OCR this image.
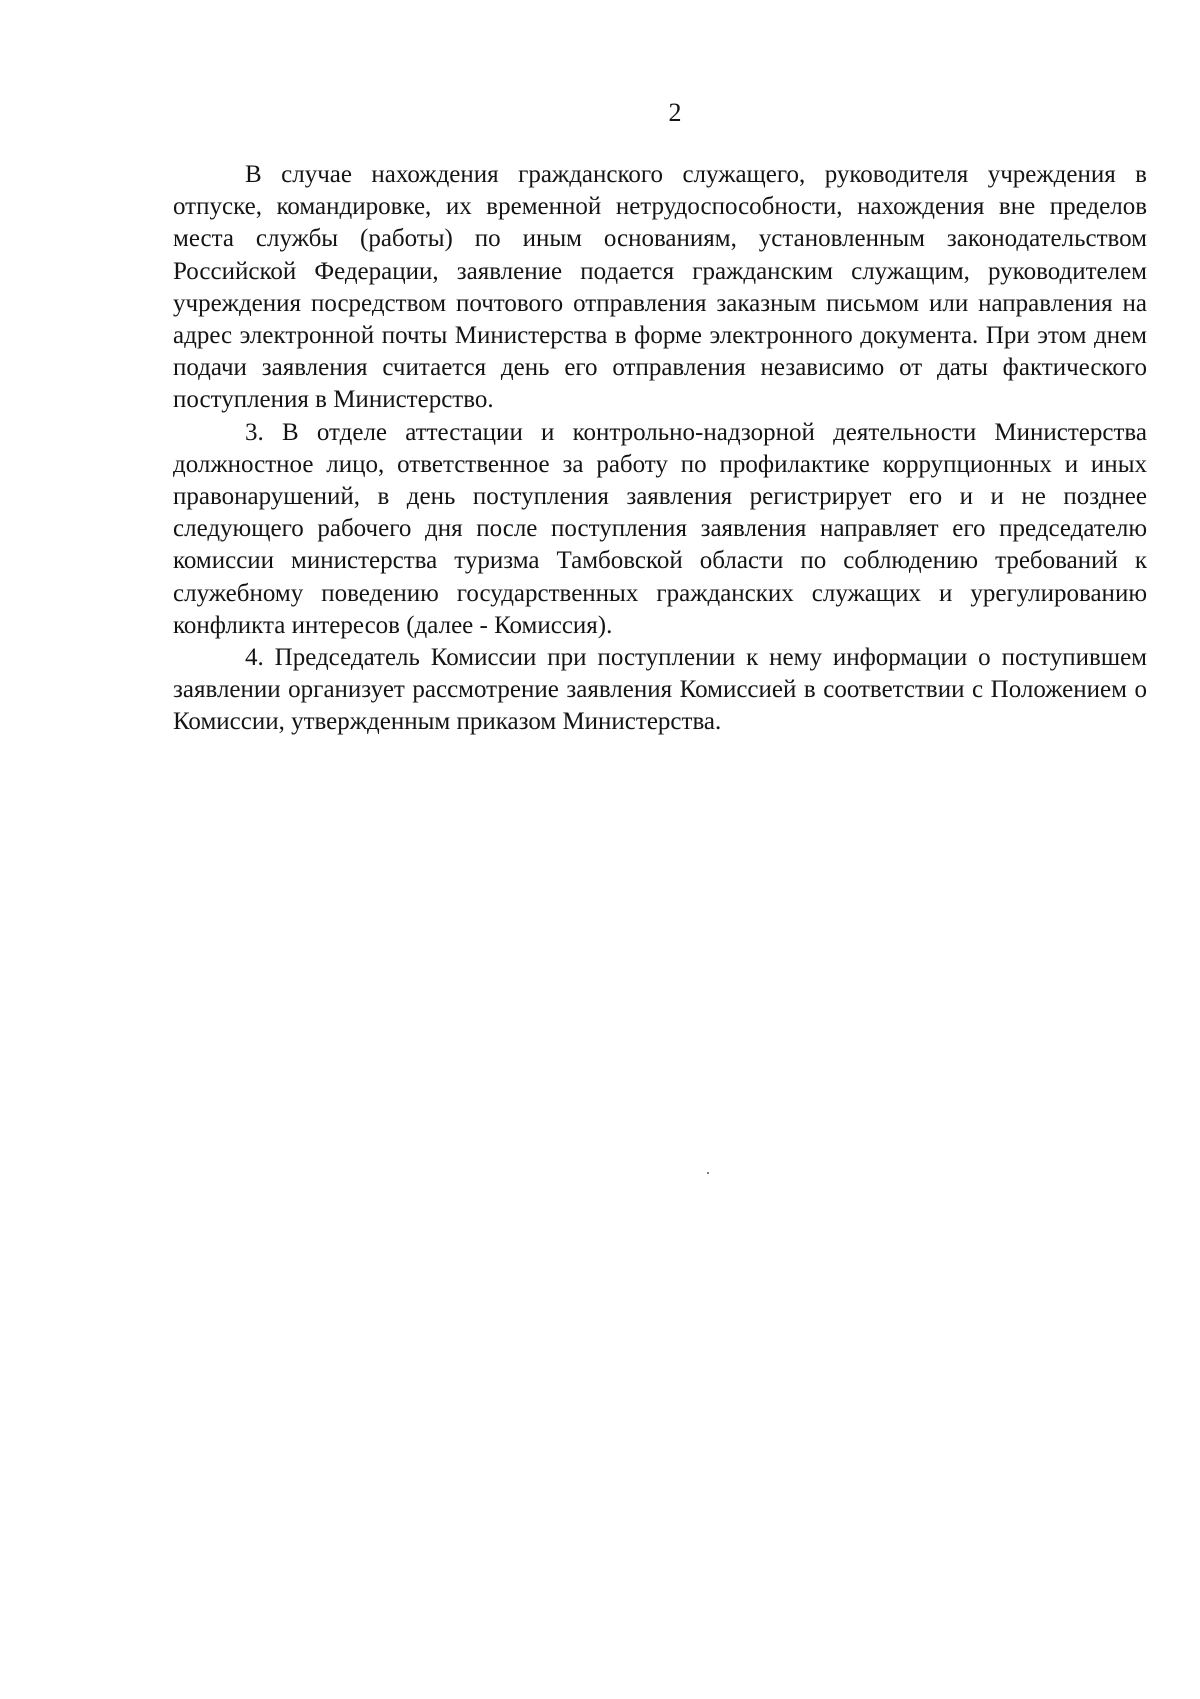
2

В случае нахождения гражданского служащего, руководителя учреждения в отпуске, командировке, их временной нетрудоспособности, нахождения вне пределов места службы (работы) по иным основаниям, установленным законодательством Российской Федерации, заявление подается гражданским служащим, руководителем учреждения посредством почтового отправления заказным письмом или направления на адрес электронной почты Министерства в форме электронного документа. При этом днем подачи заявления считается день его отправления независимо от даты фактического поступления в Министерство.

3. В отделе аттестации и контрольно-надзорной деятельности Министерства должностное лицо, ответственное за работу по профилактике коррупционных и иных правонарушений, в день поступления заявления регистрирует его и и не позднее следующего рабочего дня после поступления заявления направляет его председателю комиссии министерства туризма Тамбовской области по соблюдению требований к служебному поведению государственных гражданских служащих и урегулированию конфликта интересов (далее - Комиссия).

4. Председатель Комиссии при поступлении к нему информации о поступившем заявлении организует рассмотрение заявления Комиссией в соответствии с Положением о Комиссии, утвержденным приказом Министерства.
